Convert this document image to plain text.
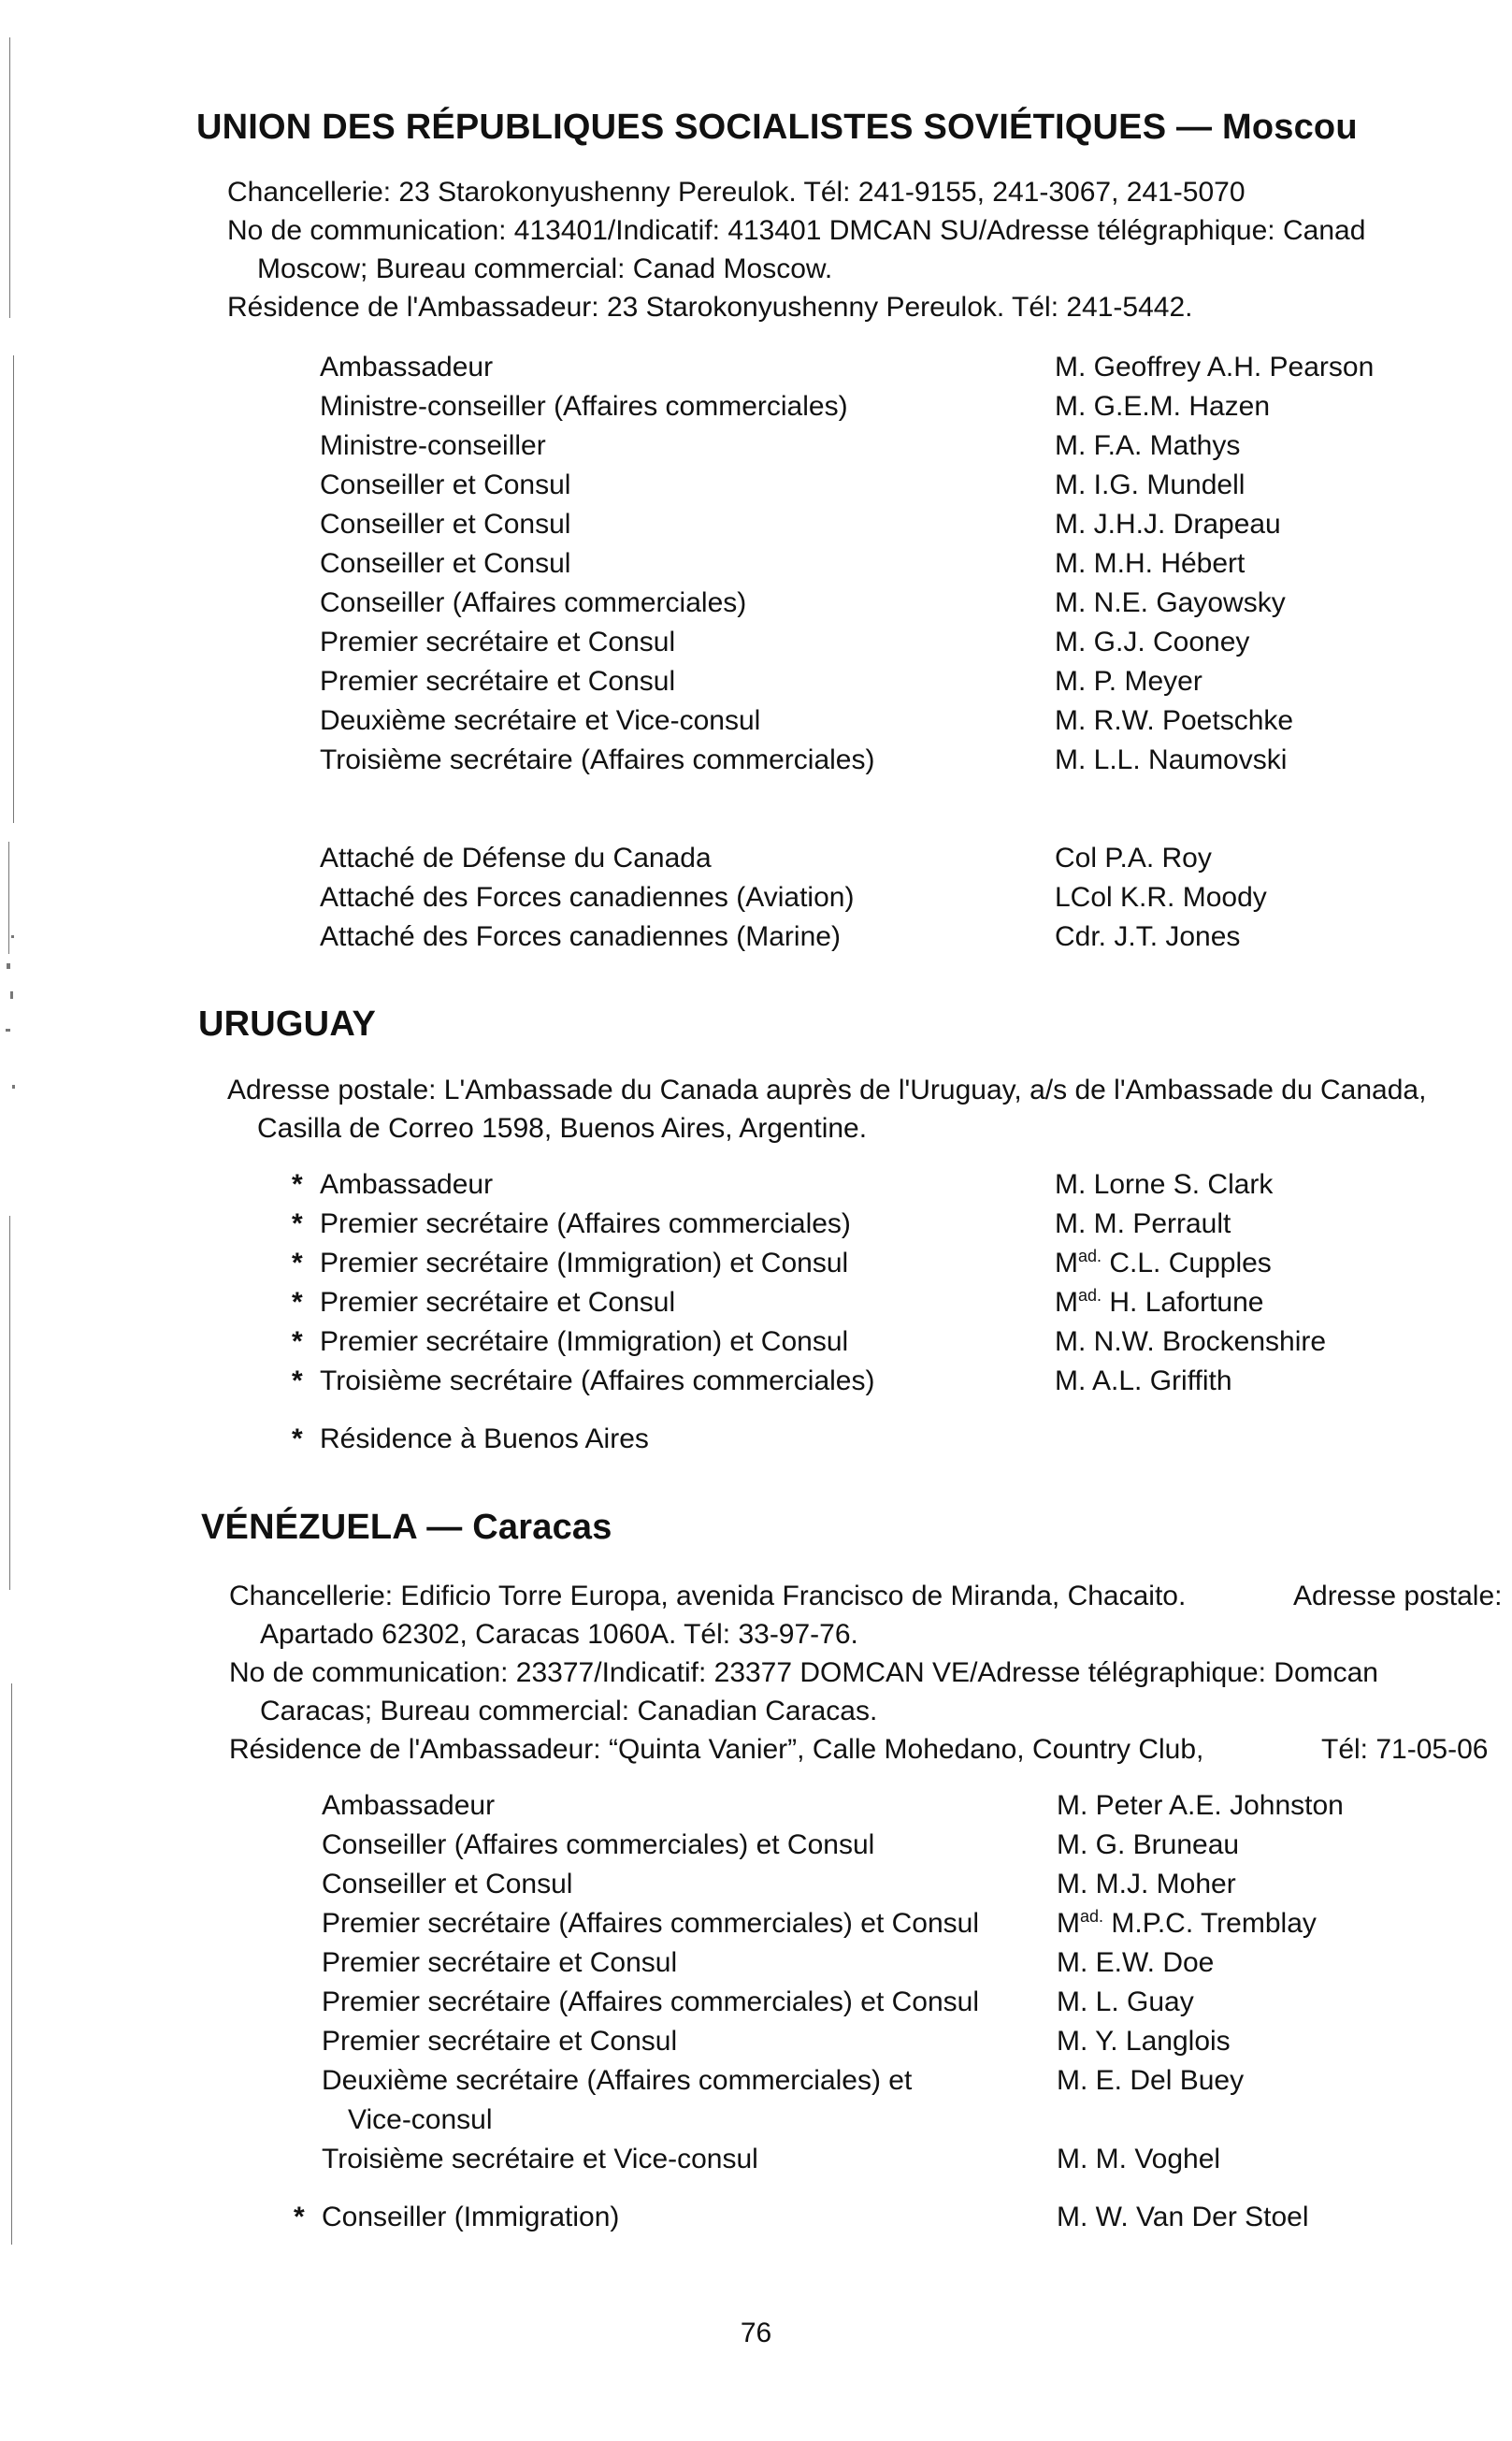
UNION DES RÉPUBLIQUES SOCIALISTES SOVIÉTIQUES — Moscou
Chancellerie: 23 Starokonyushenny Pereulok. Tél: 241-9155, 241-3067, 241-5070
No de communication: 413401/Indicatif: 413401 DMCAN SU/Adresse télégraphique: Canad
Moscow; Bureau commercial: Canad Moscow.
Résidence de l'Ambassadeur: 23 Starokonyushenny Pereulok. Tél: 241-5442.
Ambassadeur	M. Geoffrey A.H. Pearson
Ministre-conseiller (Affaires commerciales)	M. G.E.M. Hazen
Ministre-conseiller	M. F.A. Mathys
Conseiller et Consul	M. I.G. Mundell
Conseiller et Consul	M. J.H.J. Drapeau
Conseiller et Consul	M. M.H. Hébert
Conseiller (Affaires commerciales)	M. N.E. Gayowsky
Premier secrétaire et Consul	M. G.J. Cooney
Premier secrétaire et Consul	M. P. Meyer
Deuxième secrétaire et Vice-consul	M. R.W. Poetschke
Troisième secrétaire (Affaires commerciales)	M. L.L. Naumovski
Attaché de Défense du Canada	Col P.A. Roy
Attaché des Forces canadiennes (Aviation)	LCol K.R. Moody
Attaché des Forces canadiennes (Marine)	Cdr. J.T. Jones
URUGUAY
Adresse postale: L'Ambassade du Canada auprès de l'Uruguay, a/s de l'Ambassade du Canada,
Casilla de Correo 1598, Buenos Aires, Argentine.
* Ambassadeur	M. Lorne S. Clark
* Premier secrétaire (Affaires commerciales)	M. M. Perrault
* Premier secrétaire (Immigration) et Consul	$M^{ad.}$ C.L. Cupples
* Premier secrétaire et Consul	$M^{ad.}$ H. Lafortune
* Premier secrétaire (Immigration) et Consul	M. N.W. Brockenshire
* Troisième secrétaire (Affaires commerciales)	M. A.L. Griffith
* Résidence à Buenos Aires
VÉNÉZUELA — Caracas
Chancellerie: Edificio Torre Europa, avenida Francisco de Miranda, Chacaito.	Adresse postale:
Apartado 62302, Caracas 1060A. Tél: 33-97-76.
No de communication: 23377/Indicatif: 23377 DOMCAN VE/Adresse télégraphique: Domcan
Caracas; Bureau commercial: Canadian Caracas.
Résidence de l'Ambassadeur: “Quinta Vanier”, Calle Mohedano, Country Club,	Tél: 71-05-06
Ambassadeur	M. Peter A.E. Johnston
Conseiller (Affaires commerciales) et Consul	M. G. Bruneau
Conseiller et Consul	M. M.J. Moher
Premier secrétaire (Affaires commerciales) et Consul	$M^{ad.}$ M.P.C. Tremblay
Premier secrétaire et Consul	M. E.W. Doe
Premier secrétaire (Affaires commerciales) et Consul	M. L. Guay
Premier secrétaire et Consul	M. Y. Langlois
Deuxième secrétaire (Affaires commerciales) et	M. E. Del Buey
Vice-consul
Troisième secrétaire et Vice-consul	M. M. Voghel
* Conseiller (Immigration)	M. W. Van Der Stoel
76
